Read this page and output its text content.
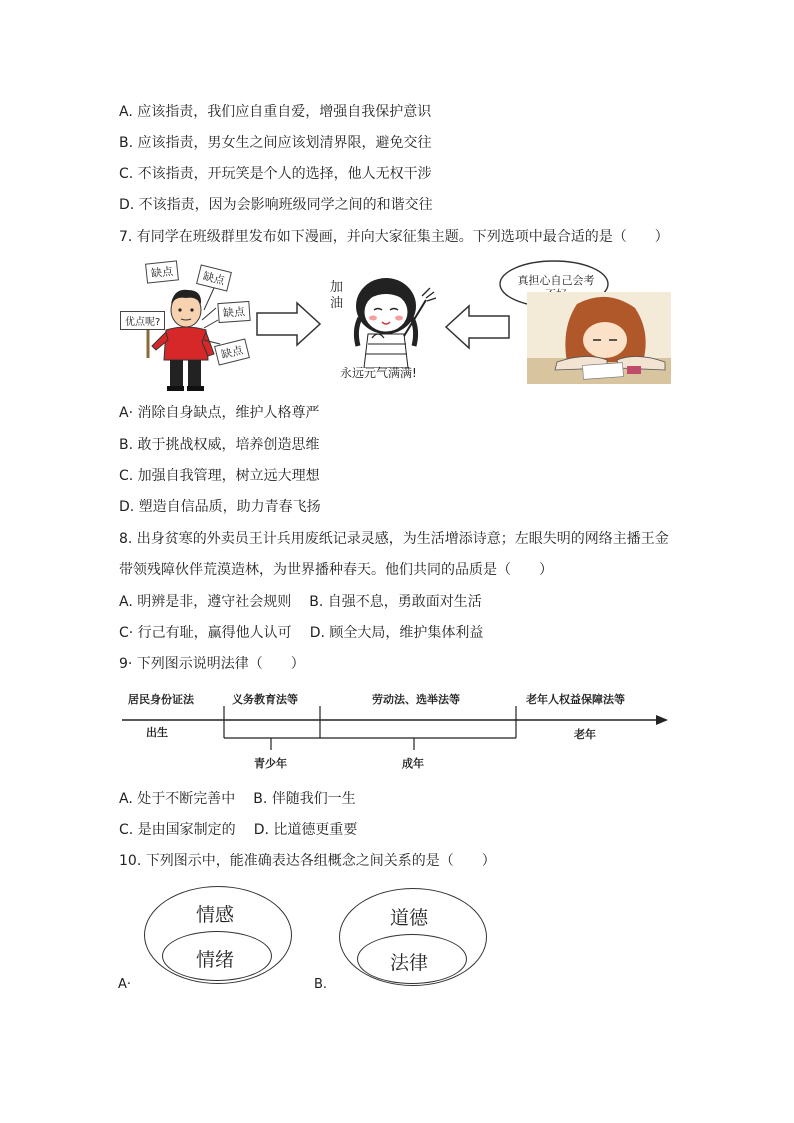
A. 应该指责，我们应自重自爱，增强自我保护意识
B. 应该指责，男女生之间应该划清界限，避免交往
C. 不该指责，开玩笑是个人的选择，他人无权干涉
D. 不该指责，因为会影响班级同学之间的和谐交往
7. 有同学在班级群里发布如下漫画，并向大家征集主题。下列选项中最合适的是（　　）
缺点	缺点
缺点
缺点
优点呢?
加油
永远元气满满!
真担心自己会考
A· 消除自身缺点，维护人格尊严
B. 敢于挑战权威，培养创造思维
C. 加强自我管理，树立远大理想
D. 塑造自信品质，助力青春飞扬
8. 出身贫寒的外卖员王计兵用废纸记录灵感，为生活增添诗意；左眼失明的网络主播王金
带领残障伙伴荒漠造林，为世界播种春天。他们共同的品质是（　　）
A. 明辨是非，遵守社会规则 B. 自强不息，勇敢面对生活
C· 行己有耻，赢得他人认可 D. 顾全大局，维护集体利益
9· 下列图示说明法律（　　）
居民身份证法	义务教育法等	劳动法、选举法等	老年人权益保障法等
出生	老年
青少年	成年
A. 处于不断完善中 B. 伴随我们一生
C. 是由国家制定的 D. 比道德更重要
10. 下列图示中，能准确表达各组概念之间关系的是（　　）
情感
情绪
A·
道德
法律
B.
